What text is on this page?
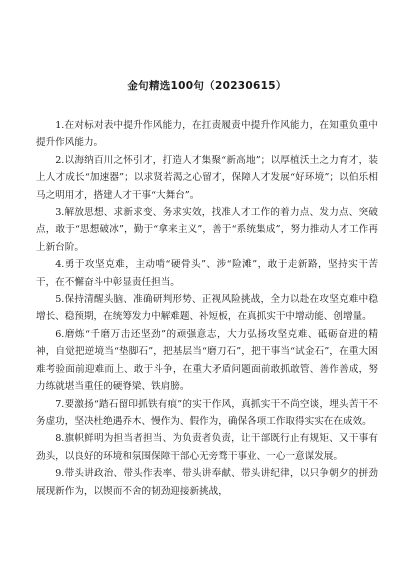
金句精选100句（20230615）

1.在对标对表中提升作风能力，在扛责履责中提升作风能力，在知重负重中提升作风能力。

2.以海纳百川之怀引才，打造人才集聚“新高地”；以厚植沃土之力育才，装上人才成长“加速器”；以求贤若渴之心留才，保障人才发展“好环境”；以伯乐相马之明用才，搭建人才干事“大舞台”。

3.解放思想、求新求变、务求实效，找准人才工作的着力点、发力点、突破点，敢于“思想破冰”，勤于“拿来主义”，善于“系统集成”，努力推动人才工作再上新台阶。

4.勇于攻坚克难，主动啃“硬骨头”、涉“险滩”，敢于走新路，坚持实干苦干，在不懈奋斗中彰显责任担当。

5.保持清醒头脑、准确研判形势、正视风险挑战，全力以赴在攻坚克难中稳增长、稳预期，在统筹发力中解难题、补短板，在真抓实干中增动能、创增量。

6.磨炼“千磨万击还坚劲”的顽强意志，大力弘扬攻坚克难、砥砺奋进的精神，自觉把逆境当“垫脚石”，把基层当“磨刀石”，把干事当“试金石”，在重大困难考验面前迎难而上、敢于斗争，在重大矛盾问题面前敢抓敢管、善作善成，努力练就堪当重任的硬脊梁、铁肩膀。

7.要激扬“踏石留印抓铁有痕”的实干作风，真抓实干不尚空谈，埋头苦干不务虚功，坚决杜绝遇乔木、慢作为、假作为，确保各项工作取得实实在在成效。

8.旗帜鲜明为担当者担当、为负责者负责，让干部既行止有规矩、又干事有劲头，以良好的环境和氛围保障干部心无旁骛干事业、一心一意谋发展。

9.带头讲政治、带头作表率、带头讲奉献、带头讲纪律，以只争朝夕的拼劲展现新作为，以锲而不舍的韧劲迎接新挑战，
